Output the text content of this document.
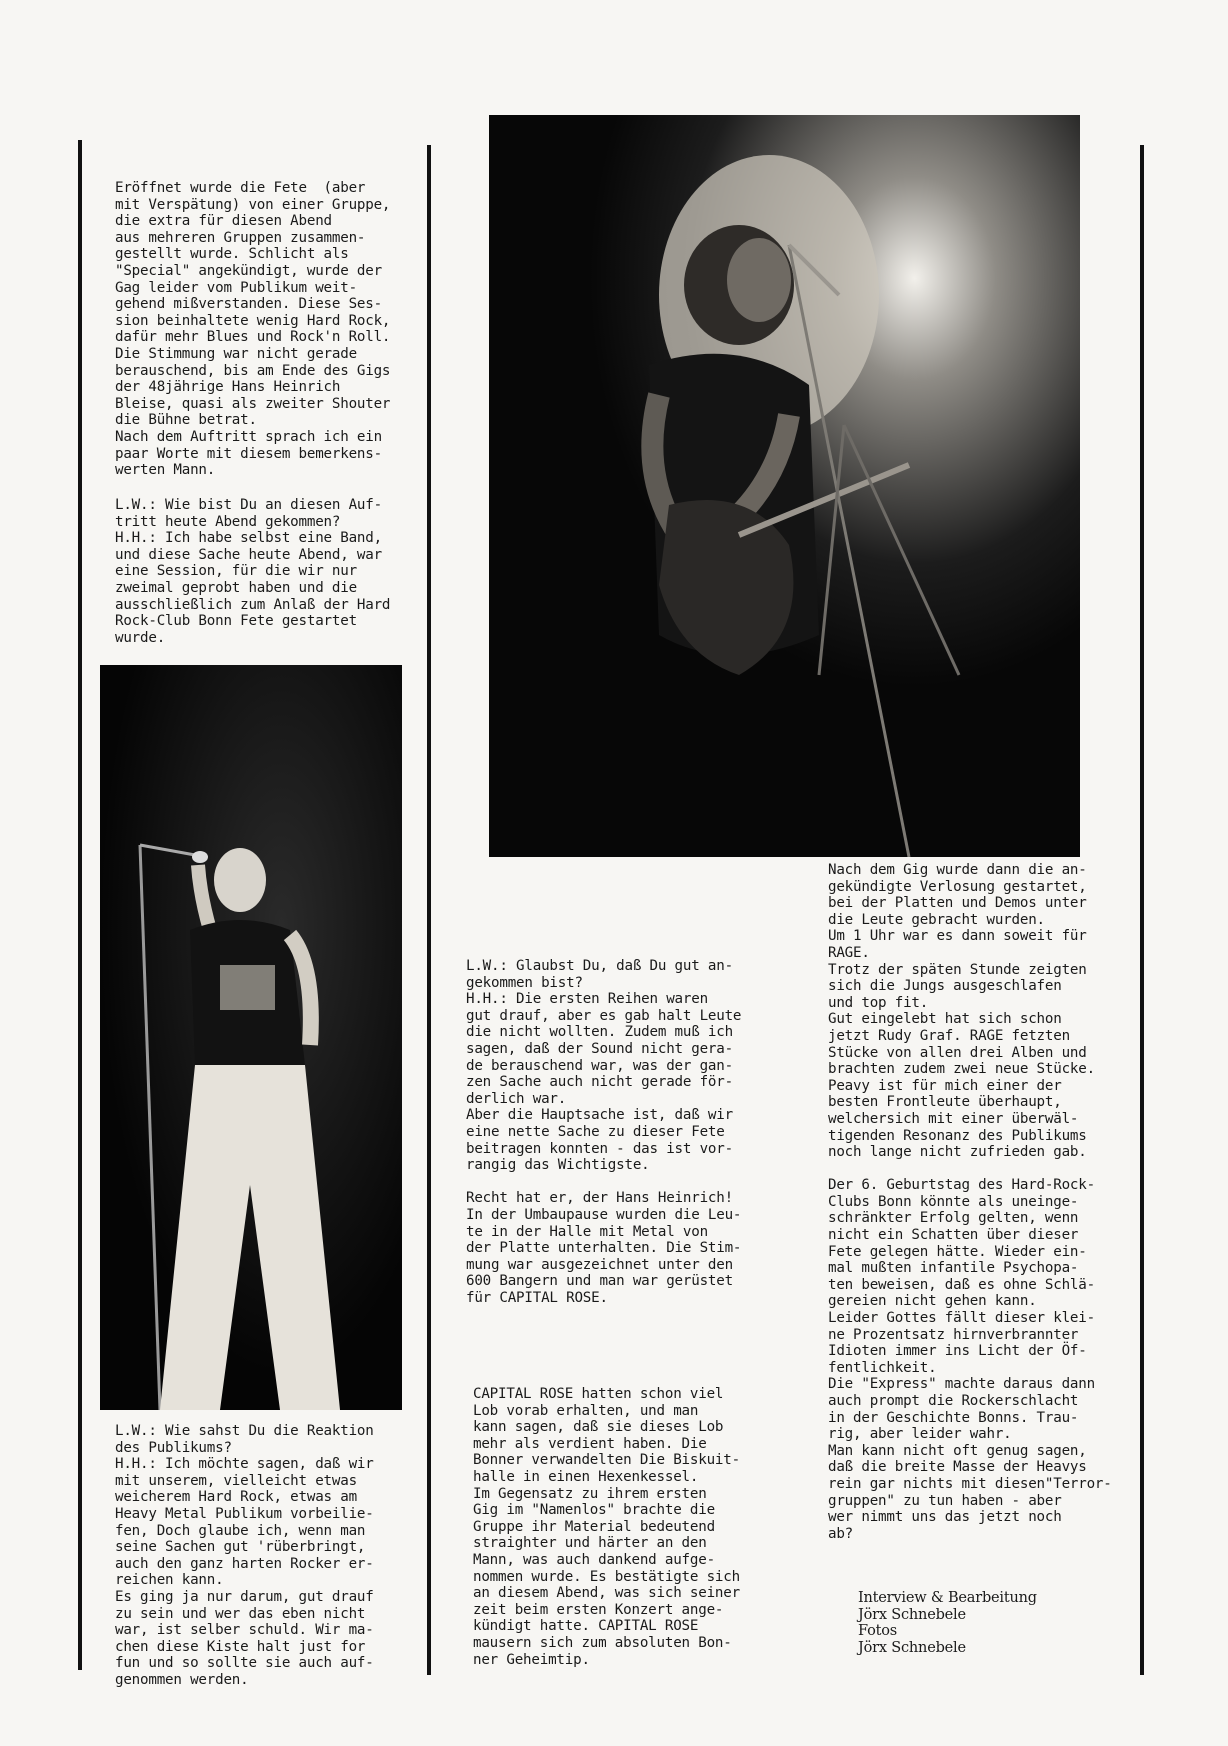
Eröffnet wurde die Fete  (aber
mit Verspätung) von einer Gruppe,
die extra für diesen Abend
aus mehreren Gruppen zusammen-
gestellt wurde. Schlicht als
"Special" angekündigt, wurde der
Gag leider vom Publikum weit-
gehend mißverstanden. Diese Ses-
sion beinhaltete wenig Hard Rock,
dafür mehr Blues und Rock'n Roll.
Die Stimmung war nicht gerade
berauschend, bis am Ende des Gigs
der 48jährige Hans Heinrich
Bleise, quasi als zweiter Shouter
die Bühne betrat.
Nach dem Auftritt sprach ich ein
paar Worte mit diesem bemerkens-
werten Mann.
L.W.: Wie bist Du an diesen Auf-
tritt heute Abend gekommen?
H.H.: Ich habe selbst eine Band,
und diese Sache heute Abend, war
eine Session, für die wir nur
zweimal geprobt haben und die
ausschließlich zum Anlaß der Hard
Rock-Club Bonn Fete gestartet
wurde.
L.W.: Wie sahst Du die Reaktion
des Publikums?
H.H.: Ich möchte sagen, daß wir
mit unserem, vielleicht etwas
weicherem Hard Rock, etwas am
Heavy Metal Publikum vorbeilie-
fen, Doch glaube ich, wenn man
seine Sachen gut 'rüberbringt,
auch den ganz harten Rocker er-
reichen kann.
Es ging ja nur darum, gut drauf
zu sein und wer das eben nicht
war, ist selber schuld. Wir ma-
chen diese Kiste halt just for
fun und so sollte sie auch auf-
genommen werden.
L.W.: Glaubst Du, daß Du gut an-
gekommen bist?
H.H.: Die ersten Reihen waren
gut drauf, aber es gab halt Leute
die nicht wollten. Zudem muß ich
sagen, daß der Sound nicht gera-
de berauschend war, was der gan-
zen Sache auch nicht gerade för-
derlich war.
Aber die Hauptsache ist, daß wir
eine nette Sache zu dieser Fete
beitragen konnten - das ist vor-
rangig das Wichtigste.

Recht hat er, der Hans Heinrich!
In der Umbaupause wurden die Leu-
te in der Halle mit Metal von
der Platte unterhalten. Die Stim-
mung war ausgezeichnet unter den
600 Bangern und man war gerüstet
für CAPITAL ROSE.
CAPITAL ROSE hatten schon viel
Lob vorab erhalten, und man
kann sagen, daß sie dieses Lob
mehr als verdient haben. Die
Bonner verwandelten Die Biskuit-
halle in einen Hexenkessel.
Im Gegensatz zu ihrem ersten
Gig im "Namenlos" brachte die
Gruppe ihr Material bedeutend
straighter und härter an den
Mann, was auch dankend aufge-
nommen wurde. Es bestätigte sich
an diesem Abend, was sich seiner
zeit beim ersten Konzert ange-
kündigt hatte. CAPITAL ROSE
mausern sich zum absoluten Bon-
ner Geheimtip.
Nach dem Gig wurde dann die an-
gekündigte Verlosung gestartet,
bei der Platten und Demos unter
die Leute gebracht wurden.
Um 1 Uhr war es dann soweit für
RAGE.
Trotz der späten Stunde zeigten
sich die Jungs ausgeschlafen
und top fit.
Gut eingelebt hat sich schon
jetzt Rudy Graf. RAGE fetzten
Stücke von allen drei Alben und
brachten zudem zwei neue Stücke.
Peavy ist für mich einer der
besten Frontleute überhaupt,
welchersich mit einer überwäl-
tigenden Resonanz des Publikums
noch lange nicht zufrieden gab.

Der 6. Geburtstag des Hard-Rock-
Clubs Bonn könnte als uneinge-
schränkter Erfolg gelten, wenn
nicht ein Schatten über dieser
Fete gelegen hätte. Wieder ein-
mal mußten infantile Psychopa-
ten beweisen, daß es ohne Schlä-
gereien nicht gehen kann.
Leider Gottes fällt dieser klei-
ne Prozentsatz hirnverbrannter
Idioten immer ins Licht der Öf-
fentlichkeit.
Die "Express" machte daraus dann
auch prompt die Rockerschlacht
in der Geschichte Bonns. Trau-
rig, aber leider wahr.
Man kann nicht oft genug sagen,
daß die breite Masse der Heavys
rein gar nichts mit diesen"Terror-
gruppen" zu tun haben - aber
wer nimmt uns das jetzt noch
ab?
Interview & Bearbeitung
Jörx Schnebele
Fotos
Jörx Schnebele
